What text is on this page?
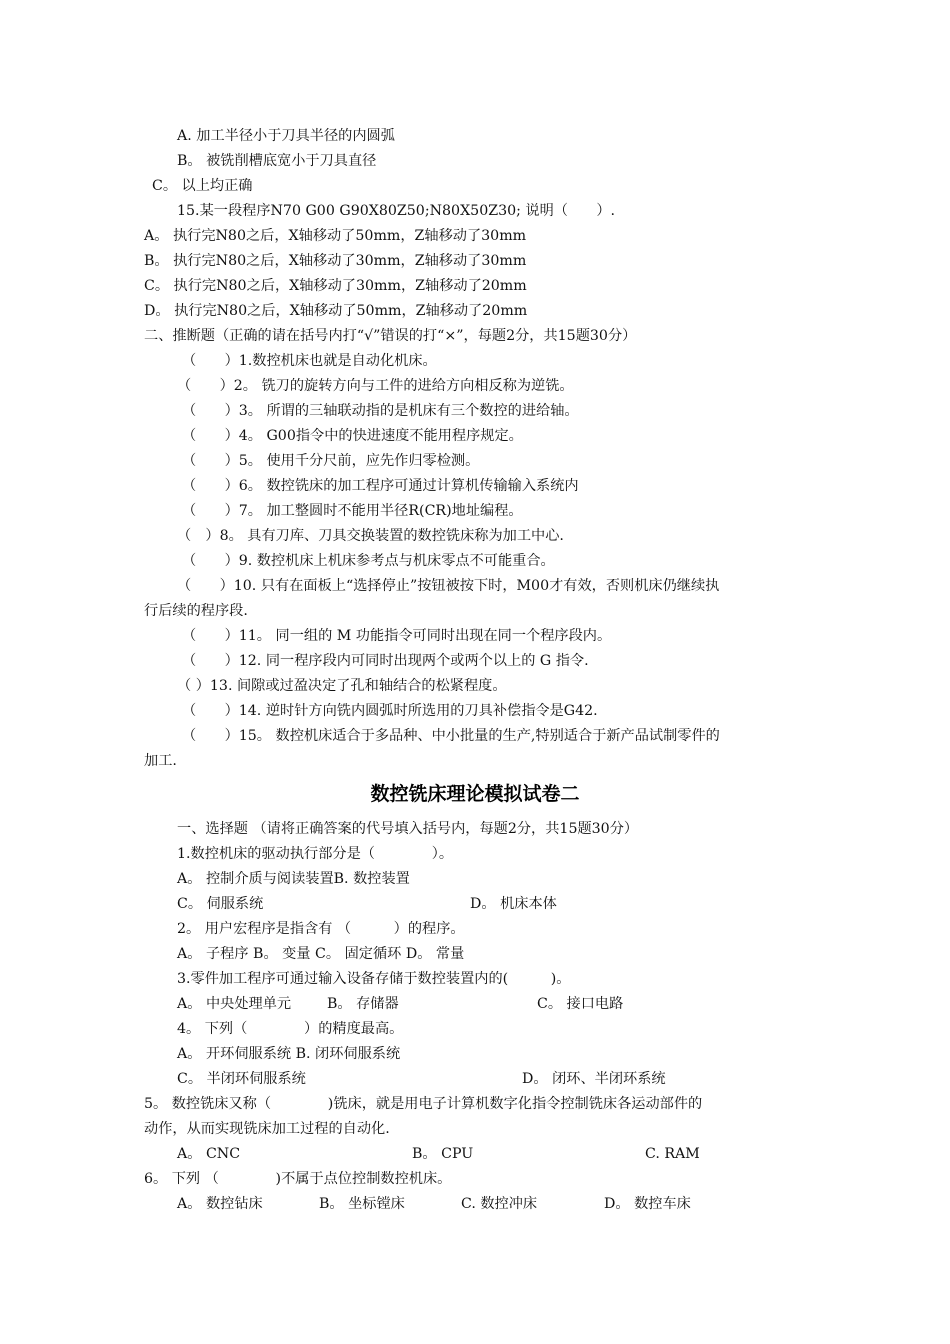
A. 加工半径小于刀具半径的内圆弧
B。 被铣削槽底宽小于刀具直径
C。 以上均正确
15.某一段程序N70 G00 G90X80Z50;N80X50Z30; 说明（　　）.
A。 执行完N80之后，X轴移动了50mm，Z轴移动了30mm
B。 执行完N80之后，X轴移动了30mm，Z轴移动了30mm
C。 执行完N80之后，X轴移动了30mm，Z轴移动了20mm
D。 执行完N80之后，X轴移动了50mm，Z轴移动了20mm
二、推断题（正确的请在括号内打“√”错误的打“×”，每题2分，共15题30分）
（　　）1.数控机床也就是自动化机床。
（　　）2。 铣刀的旋转方向与工件的进给方向相反称为逆铣。
（　　）3。 所谓的三轴联动指的是机床有三个数控的进给轴。
（　　）4。 G00指令中的快进速度不能用程序规定。
（　　）5。 使用千分尺前，应先作归零检测。
（　　）6。 数控铣床的加工程序可通过计算机传输输入系统内
（　　）7。 加工整圆时不能用半径R(CR)地址编程。
（　）8。 具有刀库、刀具交换装置的数控铣床称为加工中心.
（　　）9. 数控机床上机床参考点与机床零点不可能重合。
（　　）10. 只有在面板上“选择停止”按钮被按下时，M00才有效，否则机床仍继续执
行后续的程序段.
（　　）11。 同一组的 M 功能指令可同时出现在同一个程序段内。
（　　）12. 同一程序段内可同时出现两个或两个以上的 G 指令.
（ ）13. 间隙或过盈决定了孔和轴结合的松紧程度。
（　　）14. 逆时针方向铣内圆弧时所选用的刀具补偿指令是G42.
（　　）15。 数控机床适合于多品种、中小批量的生产,特别适合于新产品试制零件的
加工.
数控铣床理论模拟试卷二
一、选择题 （请将正确答案的代号填入括号内，每题2分，共15题30分）
1.数控机床的驱动执行部分是（　　　　）。
A。 控制介质与阅读装置B. 数控装置
C。 伺服系统	D。 机床本体
2。 用户宏程序是指含有 （　　　）的程序。
A。 子程序 B。 变量 C。 固定循环 D。 常量
3.零件加工程序可通过输入设备存储于数控装置内的(　　　)。
A。 中央处理单元	B。 存储器	C。 接口电路
4。 下列（　　　　）的精度最高。
A。 开环伺服系统 B. 闭环伺服系统
C。 半闭环伺服系统	D。 闭环、半闭环系统
5。 数控铣床又称（　　　　)铣床，就是用电子计算机数字化指令控制铣床各运动部件的
动作，从而实现铣床加工过程的自动化.
A。 CNC	B。 CPU	C. RAM
6。 下列 （　　　　)不属于点位控制数控机床。
A。 数控钻床	B。 坐标镗床	C. 数控冲床	D。 数控车床
